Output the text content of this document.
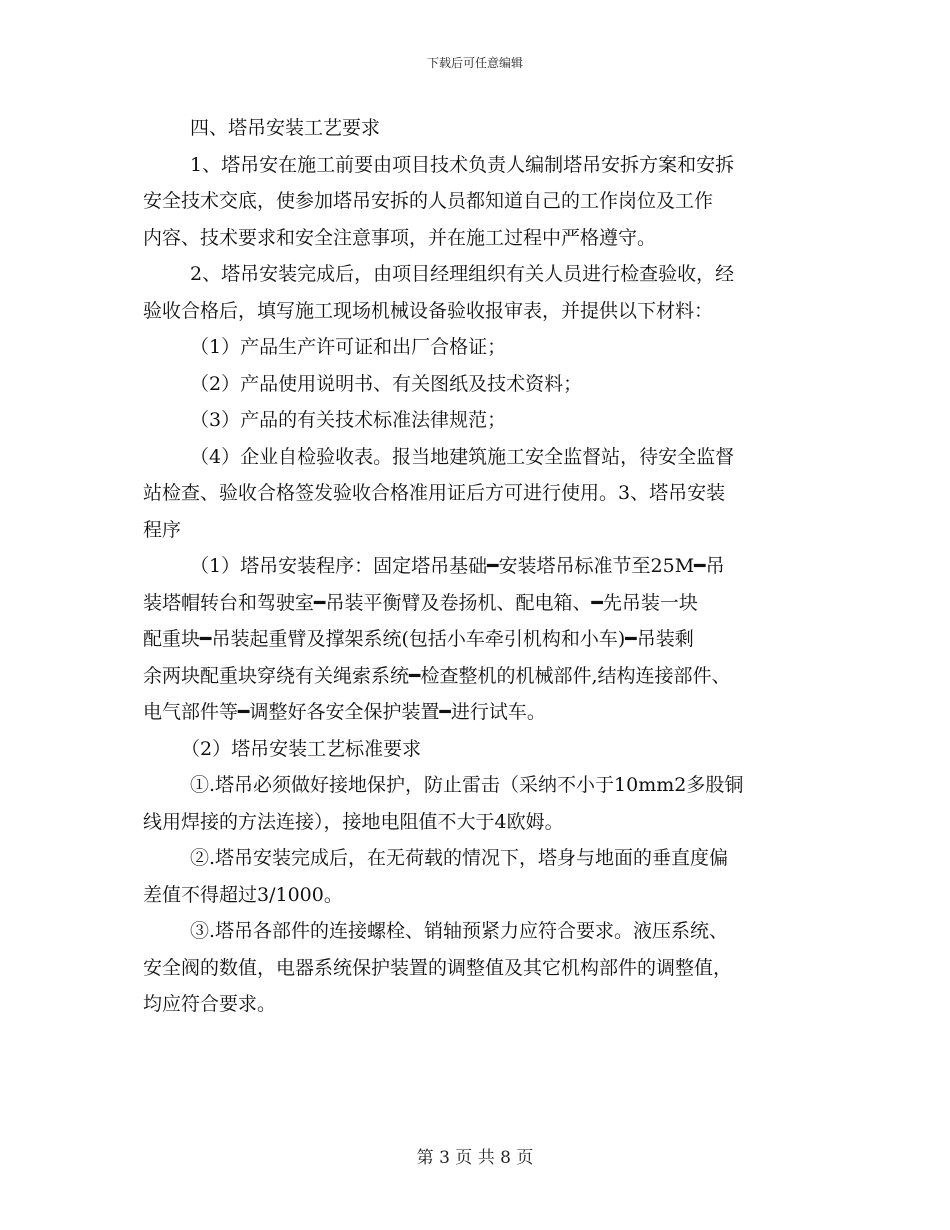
下载后可任意编辑
四、塔吊安装工艺要求
1、塔吊安在施工前要由项目技术负责人编制塔吊安拆方案和安拆
安全技术交底，使参加塔吊安拆的人员都知道自己的工作岗位及工作
内容、技术要求和安全注意事项，并在施工过程中严格遵守。
2、塔吊安装完成后，由项目经理组织有关人员进行检查验收，经
验收合格后，填写施工现场机械设备验收报审表，并提供以下材料：
（1）产品生产许可证和出厂合格证；
（2）产品使用说明书、有关图纸及技术资料；
（3）产品的有关技术标准法律规范；
（4）企业自检验收表。报当地建筑施工安全监督站，待安全监督
站检查、验收合格签发验收合格准用证后方可进行使用。3、塔吊安装
程序
（1）塔吊安装程序：固定塔吊基础━安装塔吊标准节至25M━吊
装塔帽转台和驾驶室━吊装平衡臂及卷扬机、配电箱、━先吊装一块
配重块━吊装起重臂及撑架系统(包括小车牵引机构和小车)━吊装剩
余两块配重块穿绕有关绳索系统━检查整机的机械部件,结构连接部件、
电气部件等━调整好各安全保护装置━进行试车。
（2）塔吊安装工艺标准要求
①.塔吊必须做好接地保护，防止雷击（采纳不小于10mm2多股铜
线用焊接的方法连接），接地电阻值不大于4欧姆。
②.塔吊安装完成后，在无荷载的情况下，塔身与地面的垂直度偏
差值不得超过3/1000。
③.塔吊各部件的连接螺栓、销轴预紧力应符合要求。液压系统、
安全阀的数值，电器系统保护装置的调整值及其它机构部件的调整值，
均应符合要求。
第 3 页 共 8 页
